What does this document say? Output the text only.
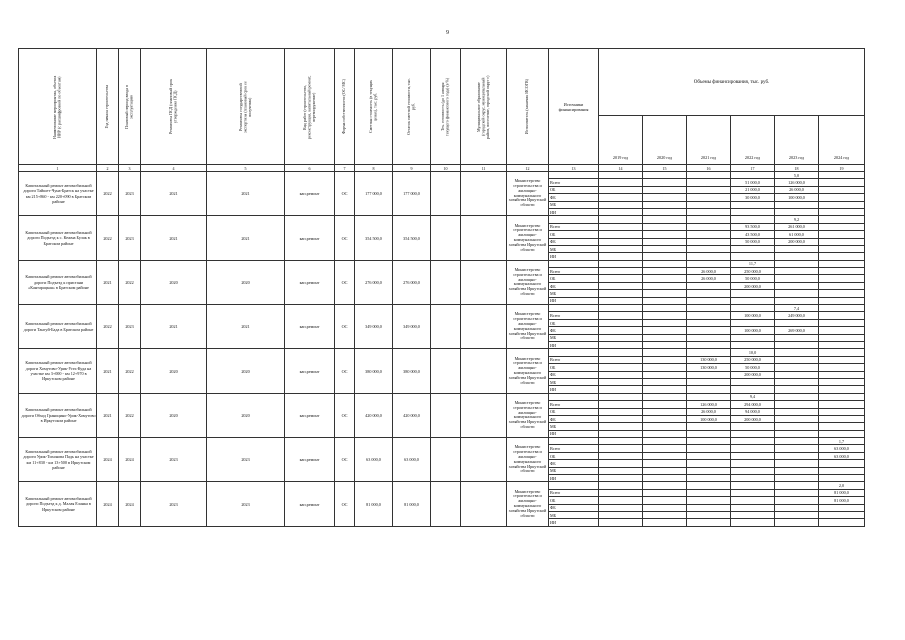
9
Наименование мероприятия, объекта ИИР (с расшифровкой по объектам)	Год начала строительства	Плановый период ввода в эксплуатацию	Реквизиты ПСД (плановый срок утверждения ПСД)	Реквизиты государственной экспертизы (плановый срок ее получения)	Вид работ (строительство, реконструкция, капитальный ремонт, перевооружение)	Форма собственности (ОС/ МС)	Сметная стоимость (в текущих ценах), тыс. руб.	Остаток сметной стоимости, тыс. руб.	Тех. готовность (до 1 января текущего финансового года) (в %)	Муниципальное образование (городской округ, муниципальный район, поселение, городской округ с)	Исполнитель (заказчик ИСОГВ)	Источники финансирования	Объемы финансирования, тыс. руб.					
													2019 год	2020 год	2021 год	2022 год	2023 год	2024 год
1	2	3	4	5	6	7	8	9	10	11	12	13	14	15	16	17	18	19
Капитальный ремонт автомобильной дороги Тайшет-Чуна-Братск на участке км 215+860 - км 220+090 в Братском районе	2022	2023	2021	2021	кап.ремонт	ОС	177 000,0	177 000,0			Министерство строительства и жилищно-коммунального хозяйства Иркутской области						5,0	
												Всего				51 000,0	126 000,0	
												ОБ				21 000,0	26 000,0	
												ФБ				30 000,0	100 000,0	
												МБ						
												ИИ						
Капитальный ремонт автомобильной дороги Подъезд к с. Кежма Булак в Братском районе	2022	2023	2021	2021	кап.ремонт	ОС	354 500,0	354 500,0			Министерство строительства и жилищно-коммунального хозяйства Иркутской области						9,2	
												Всего				93 500,0	261 000,0	
												ОБ				43 500,0	61 000,0	
												ФБ				50 000,0	200 000,0	
												МБ						
												ИИ						
Капитальный ремонт автомобильной дороги Подъезд к пристани «Кантарацкая» в Братском районе	2021	2022	2020	2020	кап.ремонт	ОС	276 000,0	276 000,0			Министерство строительства и жилищно-коммунального хозяйства Иркутской области					11,7		
												Всего			26 000,0	250 000,0		
												ОБ			26 000,0	50 000,0		
												ФБ				200 000,0		
												МБ						
												ИИ						
Капитальный ремонт автомобильной дороги Тангуй-Бада в Братском районе	2022	2023	2021	2021	кап.ремонт	ОС	349 000,0	349 000,0			Министерство строительства и жилищно-коммунального хозяйства Иркутской области						7,4	
												Всего				100 000,0	249 000,0	
												ОБ						
												ФБ				100 000,0	269 000,0	
												МБ						
												ИИ						
Капитальный ремонт автомобильной дороги Хомутово-Урик-Усть-Куда на участке км 3+000 - км 12+970 в Иркутском районе	2021	2022	2020	2020	кап.ремонт	ОС	380 000,0	380 000,0			Министерство строительства и жилищно-коммунального хозяйства Иркутской области					10,0		
												Всего			130 000,0	250 000,0		
												ОБ			130 000,0	50 000,0		
												ФБ				200 000,0		
												МБ						
												ИИ						
Капитальный ремонт автомобильной дороги Обход Границино-Урик-Хомутово в Иркутском районе	2021	2022	2020	2020	кап.ремонт	ОС	420 000,0	420 000,0			Министерство строительства и жилищно-коммунального хозяйства Иркутской области					9,4		
												Всего			126 000,0	294 000,0		
												ОБ			26 000,0	94 000,0		
												ФБ			100 000,0	200 000,0		
												МБ						
												ИИ						
Капитальный ремонт автомобильной дороги Урик-Тихонова Падь на участке км 11+830 - км 13+500 в Иркутском районе	2024	2024	2023	2023	кап.ремонт	ОС	63 000,0	63 000,0			Министерство строительства и жилищно-коммунального хозяйства Иркутской области							1,7
												Всего						63 000,0
												ОБ						63 000,0
												ФБ						
												МБ						
												ИИ						
Капитальный ремонт автомобильной дороги Подъезд к д. Малая Еланка в Иркутском районе	2024	2024	2023	2023	кап.ремонт	ОС	81 000,0	81 000,0			Министерство строительства и жилищно-коммунального хозяйства Иркутской области							2,0
												Всего						81 000,0
												ОБ						81 000,0
												ФБ						
												МБ						
												ИИ						
